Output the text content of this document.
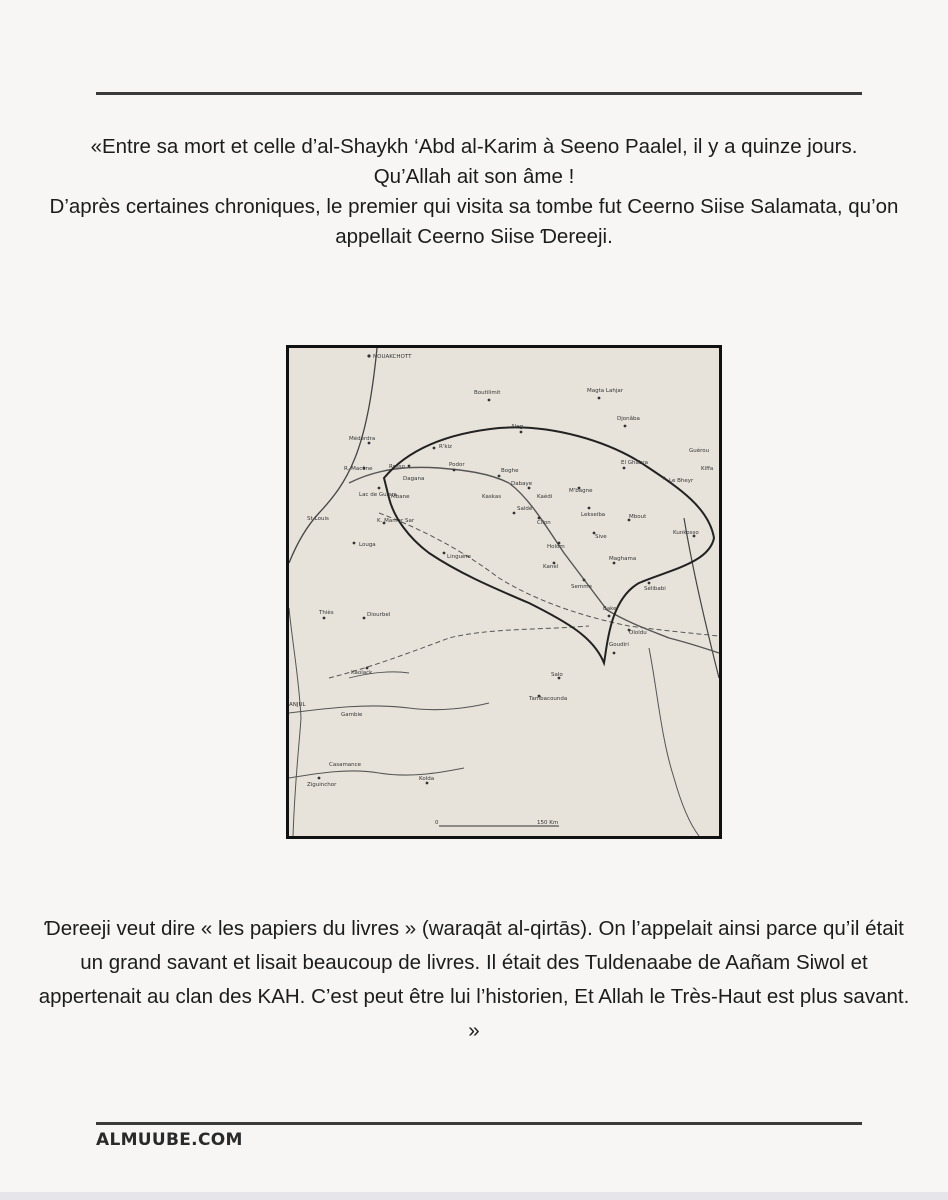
«Entre sa mort et celle d’al-Shaykh ‘Abd al-Karim à Seeno Paalel, il y a quinze jours.

Qu’Allah ait son âme !

D’après certaines chroniques, le premier qui visita sa tombe fut Ceerno Siise Salamata, qu’on appellait Ceerno Siise Ɗereeji.

NOUAKCHOTT
Boutilimit	Magta Lahjar
Djonâba
Médérdra
R'kiz
Aleg
Guérou
Kiffa
R. Macène	Rosso	Podor
Boghe
El Ghabra
Le Bheyr
Dagana
Dabaye
M'bagne
Kaskas	Kaédi
Lac de Guiers
Mbane
Saldé
Lekseiba
St-Louis	K. Mamar Sar	Cilon
Mbout
Kunkosso
Louga	Holom
Sive
Linguère
Kanel
Maghama
Semme	Sélibabi
Thiès	Diourbel
Bakel
Ololdu
Kaolack
Goudiri
Salo
Tambacounda
ANJUL
Gambie
Kolda
Casamance
Ziguinchor
0	150 Km
Ɗereeji veut dire « les papiers du livres » (waraqāt al-qirtās). On l’appelait ainsi parce qu’il était un grand savant et lisait beaucoup de livres. Il était des Tuldenaabe de Aañam Siwol et appertenait au clan des KAH. C’est peut être lui l’historien, Et Allah le Très-Haut est plus savant. »
ALMUUBE.COM
